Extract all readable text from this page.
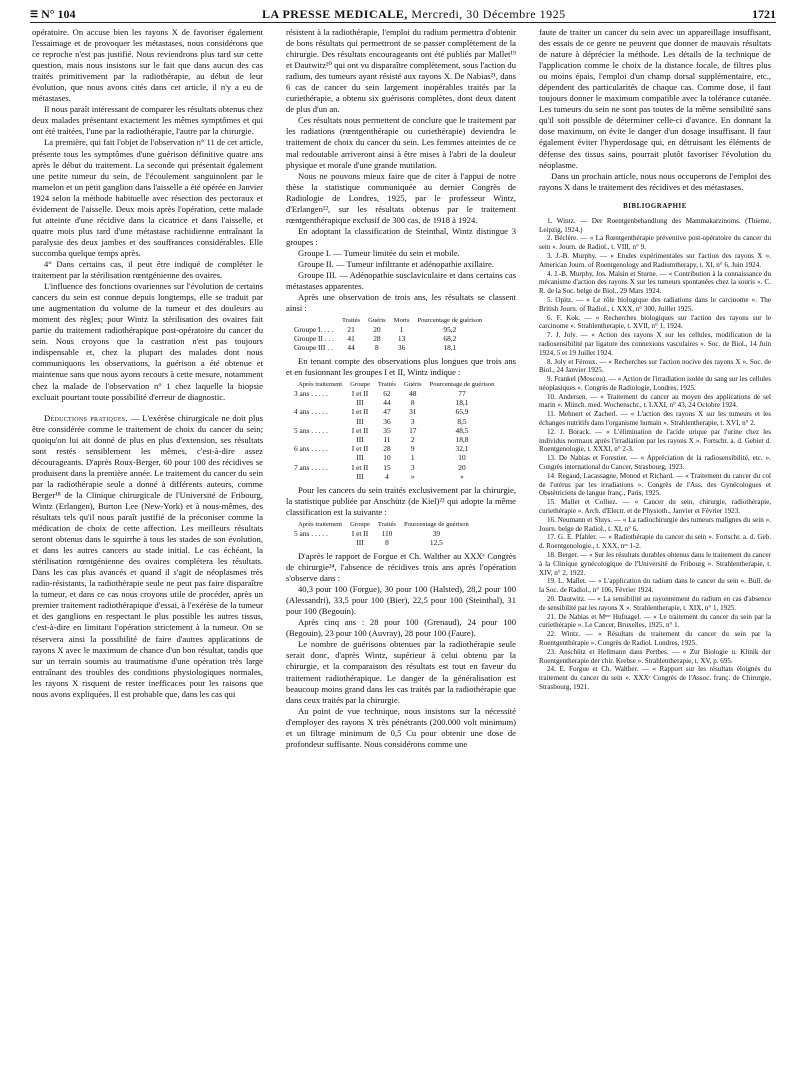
☰ N° 104	LA PRESSE MEDICALE, Mercredi, 30 Décembre 1925	1721

opératoire. On accuse bien les rayons X de favoriser également l'essaimage et de provoquer les métastases, nous considérons que ce reproche n'est pas justifié. Nous reviendrons plus tard sur cette question, mais nous insistons sur le fait que dans aucun des cas traités primitivement par la radiothérapie, au début de leur évolution, que nous avons cités dans cet article, il n'y a eu de métastases.

Il nous paraît intéressant de comparer les résultats obtenus chez deux malades présentant exactement les mêmes symptômes et qui ont été traitées, l'une par la radiothérapie, l'autre par la chirurgie.

La première, qui fait l'objet de l'observation n° 11 de cet article, présente tous les symptômes d'une guérison définitive quatre ans après le début du traitement. La seconde qui présentait également une petite tumeur du sein, de l'écoulement sanguinolent par le mamelon et un petit ganglion dans l'aisselle a été opérée en Janvier 1924 selon la méthode habituelle avec résection des pectoraux et évidement de l'aisselle. Deux mois après l'opération, cette malade fut atteinte d'une récidive dans la cicatrice et dans l'aisselle, et quatre mois plus tard d'une métastase rachidienne entraînant la paralysie des deux jambes et des souffrances considérables. Elle succomba quelque temps après.

4° Dans certains cas, il peut être indiqué de compléter le traitement par la stérilisation rœntgénienne des ovaires.

L'influence des fonctions ovariennes sur l'évolution de certains cancers du sein est connue depuis longtemps, elle se traduit par une augmentation du volume de la tumeur et des douleurs au moment des règles; pour Wintz la stérilisation des ovaires fait partie du traitement radiothérapique post-opératoire du cancer du sein. Nous croyons que la castration n'est pas toujours indispensable et, chez la plupart des malades dont nous communiquons les observations, la guérison a été obtenue et maintenue sans que nous ayons recours à cette mesure, notamment chez la malade de l'observation n° 1 chez laquelle la biopsie excluait pourtant toute possibilité d'erreur de diagnostic.

Déductions pratiques. — L'exérèse chirurgicale ne doit plus être considérée comme le traitement de choix du cancer du sein; quoiqu'on lui ait donné de plus en plus d'extension, ses résultats sont restés sensiblement les mêmes, c'est-à-dire assez décourageants. D'après Roux-Berger, 60 pour 100 des récidives se produisent dans la première année. Le traitement du cancer du sein par la radiothérapie seule a donné à différents auteurs, comme Berger¹⁸ de la Clinique chirurgicale de l'Université de Fribourg, Wintz (Erlangen), Burton Lee (New-York) et à nous-mêmes, des résultats tels qu'il nous paraît justifié de la préconiser comme la médication de choix de cette affection. Les meilleurs résultats seront obtenus dans le squirrhe à tous les stades de son évolution, et dans les autres cancers au stade initial. Le cas échéant, la stérilisation rœntgénienne des ovaires complétera les résultats. Dans les cas plus avancés et quand il s'agit de néoplasmes très radio-résistants, la radiothérapie seule ne peut pas faire disparaître la tumeur, et dans ce cas nous croyons utile de procéder, après un premier traitement radiothérapique d'essai, à l'exérèse de la tumeur et des ganglions en respectant le plus possible les autres tissus, c'est-à-dire en limitant l'opération strictement à la tumeur. On se réservera ainsi la possibilité de faire d'autres applications de rayons X avec le maximum de chance d'un bon résultat, tandis que sur un terrain soumis au traumatisme d'une opération très large entraînant des troubles des conditions physiologiques normales, les rayons X risquent de rester inefficaces pour les raisons que nous avons expliquées. Il est probable que, dans les cas qui

résistent à la radiothérapie, l'emploi du radium permettra d'obtenir de bons résultats qui permettront de se passer complètement de la chirurgie. Des résultats encourageants ont été publiés par Mallet¹⁹ et Dautwitz²⁰ qui ont vu disparaître complètement, sous l'action du radium, des tumeurs ayant résisté aux rayons X. De Nabias²¹, dans 6 cas de cancer du sein largement inopérables traités par la curiethérapie, a obtenu six guérisons complètes, dont deux datent de plus d'un an.

Ces résultats nous permettent de conclure que le traitement par les radiations (rœntgenthérapie ou curiethérapie) deviendra le traitement de choix du cancer du sein. Les femmes atteintes de ce mal redoutable arriveront ainsi à être mises à l'abri de la douleur physique et morale d'une grande mutilation.

Nous ne pouvons mieux faire que de citer à l'appui de notre thèse la statistique communiquée au dernier Congrès de Radiologie de Londres, 1925, par le professeur Wintz, d'Erlangen²², sur les résultats obtenus par le traitement rœntgenthérapique exclusif de 300 cas, de 1918 à 1924.

En adoptant la classification de Steinthal, Wintz distingue 3 groupes :

Groupe I. — Tumeur limitée du sein et mobile.

Groupe II. — Tumeur infiltrante et adénopathie axillaire.

Groupe III. — Adénopathie susclaviculaire et dans certains cas métastases apparentes.

Après une observation de trois ans, les résultats se classent ainsi :

	Traités	Guéris	Morts	Pourcentage de guérison
Groupe I. . . .	21	20	1	95,2
Groupe II . . .	41	28	13	68,2
Groupe III . .	44	8	36	18,1

En tenant compte des observations plus longues que trois ans et en fusionnant les groupes I et II, Wintz indique :

Après traitement	Groupe	Traités	Guéris	Pourcentage de guérison
3 ans . . . . .	I et II	62	48	77
	III	44	8	18,1
4 ans . . . . .	I et II	47	31	65,9
	III	36	3	8,5
5 ans . . . . .	I et II	35	17	48,5
	III	11	2	18,8
6 ans . . . . .	I et II	28	9	32,1
	III	10	1	10
7 ans . . . . .	I et II	15	3	20
	III	4	»	»

Pour les cancers du sein traités exclusivement par la chirurgie, la statistique publiée par Anschütz (de Kiel)²³ qui adopte la même classification est la suivante :

Après traitement	Groupe	Traités	Pourcentage de guérison
5 ans . . . . .	I et II	110	39
	III	8	12,5

D'après le rapport de Forgue et Ch. Walther au XXXᵉ Congrès de chirurgie²⁴, l'absence de récidives trois ans après l'opération s'observe dans :

40,3 pour 100 (Forgue), 30 pour 100 (Halsted), 28,2 pour 100 (Alessandri), 33,5 pour 100 (Bier), 22,5 pour 100 (Steinthal), 31 pour 100 (Begouin).

Après cinq ans : 28 pour 100 (Grenaud), 24 pour 100 (Begouin), 23 pour 100 (Auvray), 28 pour 100 (Faure).

Le nombre de guérisons obtenues par la radiothérapie seule serait donc, d'après Wintz, supérieur à celui obtenu par la chirurgie, et la comparaison des résultats est tout en faveur du traitement radiothérapique. Le danger de la généralisation est beaucoup moins grand dans les cas traités par la radiothérapie que dans ceux traités par la chirurgie.

Au point de vue technique, nous insistons sur la nécessité d'employer des rayons X très pénétrants (200.000 volt minimum) et un filtrage minimum de 0,5 Cu pour obtenir une dose de profondeur suffisante. Nous considérons comme une

faute de traiter un cancer du sein avec un appareillage insuffisant, des essais de ce genre ne peuvent que donner de mauvais résultats de nature à déprécier la méthode. Les détails de la technique de l'application comme le choix de la distance focale, de filtres plus ou moins épais, l'emploi d'un champ dorsal supplémentaire, etc., dépendent des particularités de chaque cas. Comme dose, il faut toujours donner le maximum compatible avec la tolérance cutanée. Les tumeurs du sein ne sont pas toutes de la même sensibilité sans qu'il soit possible de déterminer celle-ci d'avance. En donnant la dose maximum, on évite le danger d'un dosage insuffisant. Il faut également éviter l'hyperdosage qui, en détruisant les éléments de défense des tissus sains, pourrait plutôt favoriser l'évolution du néoplasme.

Dans un prochain article, nous nous occuperons de l'emploi des rayons X dans le traitement des récidives et des métastases.

BIBLIOGRAPHIE

1. Wintz. — Der Roentgenbehandlung des Mammakarzinoms. (Thieme, Leipzig, 1924.)

2. Béclère. — « La Rœntgenthérapie préventive post-opératoire du cancer du sein ». Journ. de Radiol., t. VIII, n° 9.

3. J.-B. Murphy. — « Etudes expérimentales sur l'action des rayons X ». American Journ. of Roentgenology and Radiumtherapy, t. XI, n° 6, Juin 1924.

4. J.-B. Murphy, Jos. Maisin et Sturne. — « Contribution à la connaissance du mécanisme d'action des rayons X sur les tumeurs spontanées chez la souris ». C. R. de la Soc. belge de Biol., 29 Mars 1924.

5. Opitz. — « Le rôle biologique des radiations dans le carcinome ». The British Journ. of Radiol., t. XXX, n° 300, Juillet 1925.

6. F. Kok. — « Recherches biologiques sur l'action des rayons sur le carcinome ». Strahlentherapie, t. XVII, n° 1, 1924.

7. J. Joly. — « Action des rayons X sur les cellules, modification de la radiosensibilité par ligature des connexions vasculaires ». Soc. de Biol., 14 Juin 1924, 5 et 19 Juillet 1924.

8. Joly et Féroux. — « Recherches sur l'action nocive des rayons X ». Soc. de Biol., 24 Janvier 1925.

9. Frankel (Moscou). — « Action de l'irradiation isolée du sang sur les cellules néoplasiques ». Congrès de Radiologie, Londres, 1925.

10. Andersen. — « Traitement du cancer au moyen des applications de sel marin ». Münch. med. Wochenschr., t. LXXI, n° 43, 24 Octobre 1924.

11. Mehnert et Zacherl. — « L'action des rayons X sur les tumeurs et les échanges nutritifs dans l'organisme humain ». Strahlentherapie, t. XVI, n° 2.

12. J. Borack. — « L'élimination de l'acide urique par l'urine chez les individus normaux après l'irradiation par les rayons X ». Fortschr. a. d. Gebiet d. Roentgenologie, t. XXXI, n° 2-3.

13. De Nabias et Forestier. — « Appréciation de la radiosensibilité, etc. ». Congrès international du Cancer, Strasbourg, 1923.

14. Regaud, Lacassagne, Monod et Richard. — « Traitement du cancer du col de l'utérus par les irradiations ». Congrès de l'Ass. des Gynécologues et Obstétriciens de langue franç., Paris, 1925.

15. Mallet et Colliez. — « Cancer du sein, chirurgie, radiothérapie, curiethérapie ». Arch. d'Electr. et de Physioth., Janvier et Février 1923.

16. Neumann et Sluys. — « La radiochirurgie des tumeurs malignes du sein ». Journ. belge de Radiol., t. XI, n° 6.

17. G. E. Pfahler. — « Radiothérapie du cancer du sein ». Fortschr. a. d. Geb. d. Roentgenologie., t. XXX, nᵒˢ 1-2.

18. Berger. — « Sur les résultats durables obtenus dans le traitement du cancer à la Clinique gynécologique de l'Université de Fribourg ». Strahlentherapie, t. XIV, n° 2, 1922.

19. L. Mallet. — « L'application du radium dans le cancer du sein ». Bull. de la Soc. de Radiol., n° 106, Février 1924.

20. Dautwitz. — « La sensibilité au rayonnement du radium en cas d'absence de sensibilité par les rayons X ». Strahlentherapie, t. XIX, n° 1, 1925.

21. De Nabias et Mᵐᵉ Hufnagel. — « Le traitement du cancer du sein par la curiethérapie ». Le Cancer, Bruxelles, 1925, n° 1.

22. Wintz. — « Résultats du traitement du cancer du sein par la Roentgenthérapie ». Congrès de Radiol. Londres, 1925.

23. Anschütz et Hellmann dans Perthes. — « Zur Biologie u. Klinik der Roentgentherapie der chir. Krebse ». Strahlentherapie, t. XV, p. 695.

24. E. Forgue et Ch. Walther. — « Rapport sur les résultats éloignés du traitement du cancer du sein ». XXXᵉ Congrès de l'Assoc. franç. de Chirurgie, Strasbourg, 1921.
